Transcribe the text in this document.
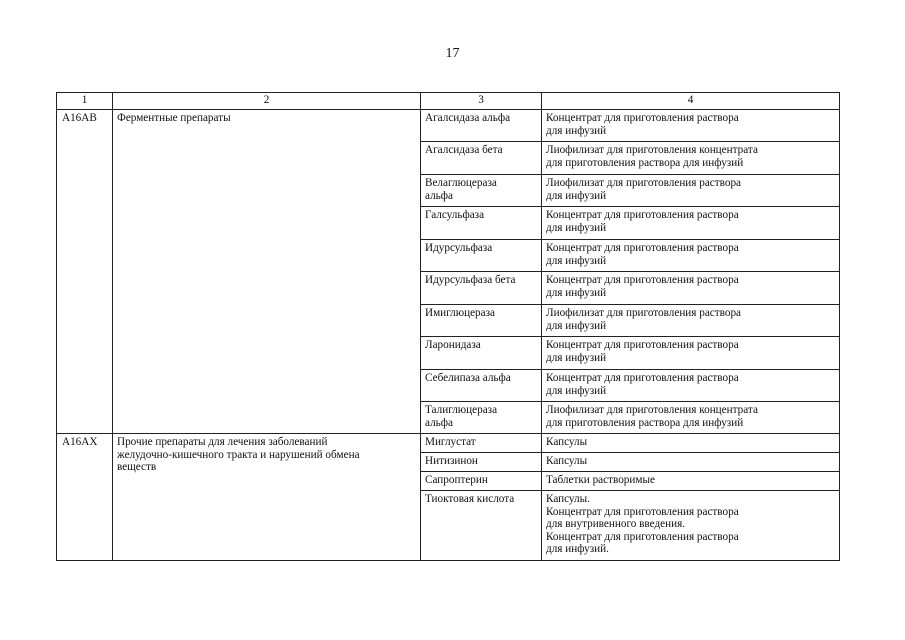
17
1	2	3	4
A16AB	Ферментные препараты	Агалсидаза альфа	Концентрат для приготовления раствора
для инфузий

		Агалсидаза бета	Лиофилизат для приготовления концентрата
для приготовления раствора для инфузий

		Велаглюцераза
альфа	Лиофилизат для приготовления раствора
для инфузий

		Галсульфаза	Концентрат для приготовления раствора
для инфузий

		Идурсульфаза	Концентрат для приготовления раствора
для инфузий

		Идурсульфаза бета	Концентрат для приготовления раствора
для инфузий

		Имиглюцераза	Лиофилизат для приготовления раствора
для инфузий

		Ларонидаза	Концентрат для приготовления раствора
для инфузий

		Себелипаза альфа	Концентрат для приготовления раствора
для инфузий

		Талиглюцераза
альфа	Лиофилизат для приготовления концентрата
для приготовления раствора для инфузий

A16AX	Прочие препараты для лечения заболеваний
желудочно-кишечного тракта и нарушений обмена
веществ	Миглустат	Капсулы

		Нитизинон	Капсулы

		Сапроптерин	Таблетки растворимые

		Тиоктовая кислота	Капсулы.
Концентрат для приготовления раствора
для внутривенного введения.
Концентрат для приготовления раствора
для инфузий.
